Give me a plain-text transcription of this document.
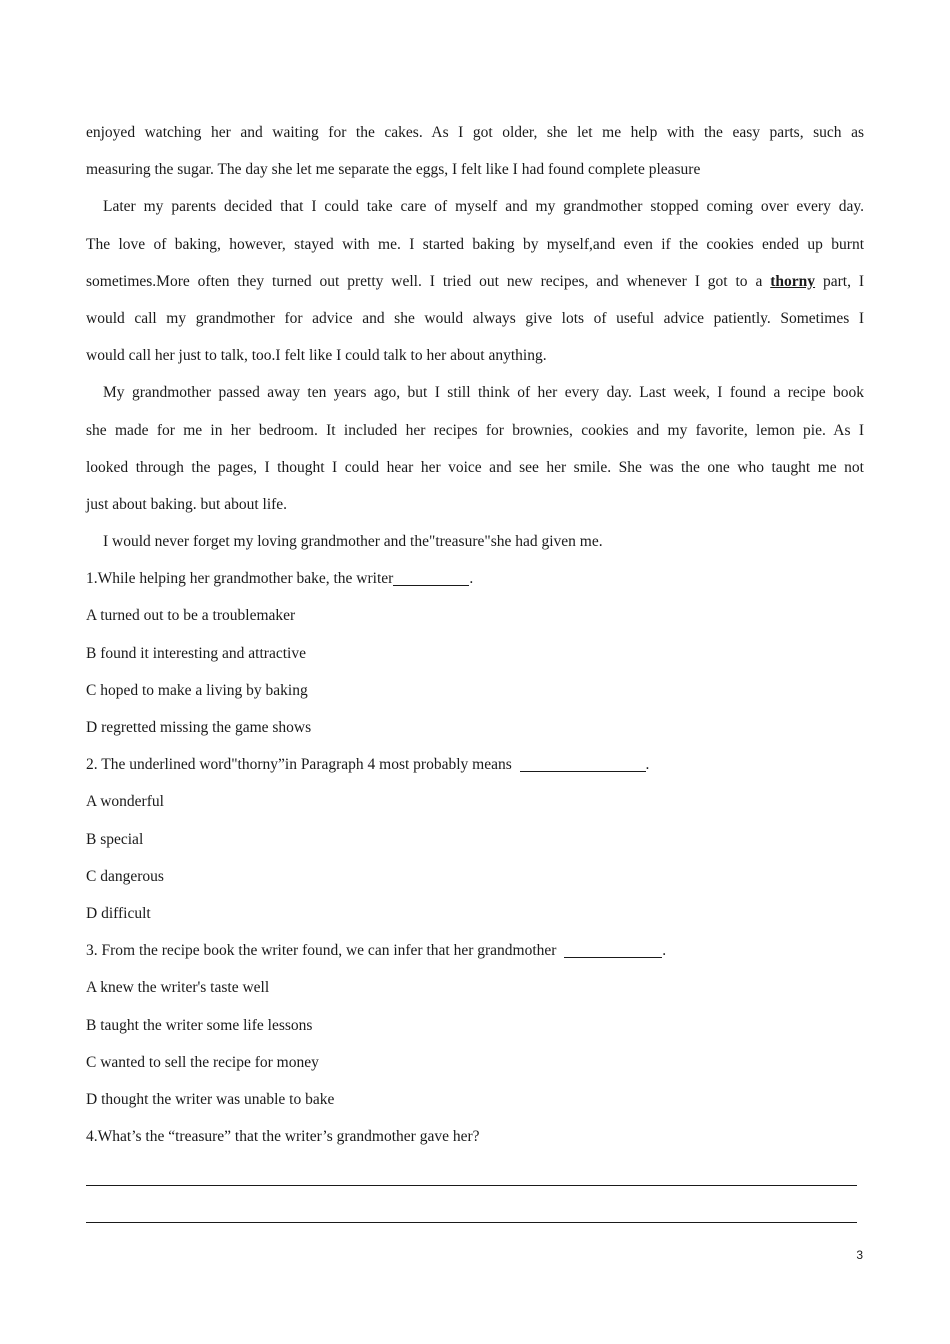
enjoyed watching her and waiting for the cakes. As I got older, she let me help with the easy parts, such as
measuring the sugar. The day she let me separate the eggs, I felt like I had found complete pleasure
Later my parents decided that I could take care of myself and my grandmother stopped coming over every day.
The love of baking, however, stayed with me. I started baking by myself,and even if the cookies ended up burnt
sometimes.More often they turned out pretty well. I tried out new recipes, and whenever I got to a thorny part, I
would call my grandmother for advice and she would always give lots of useful advice patiently. Sometimes I
would call her just to talk, too.I felt like I could talk to her about anything.
My grandmother passed away ten years ago, but I still think of her every day. Last week, I found a recipe book
she made for me in her bedroom. It included her recipes for brownies, cookies and my favorite, lemon pie. As I
looked through the pages, I thought I could hear her voice and see her smile. She was the one who taught me not
just about baking. but about life.
I would never forget my loving grandmother and the"treasure"she had given me.
1.While helping her grandmother bake, the writer	.
A turned out to be a troublemaker
B found it interesting and attractive
C hoped to make a living by baking
D regretted missing the game shows
2. The underlined word"thorny”in Paragraph 4 most probably means	.
A wonderful
B special
C dangerous
D difficult
3. From the recipe book the writer found, we can infer that her grandmother	.
A knew the writer's taste well
B taught the writer some life lessons
C wanted to sell the recipe for money
D thought the writer was unable to bake
4.What’s the “treasure” that the writer’s grandmother gave her?
3
